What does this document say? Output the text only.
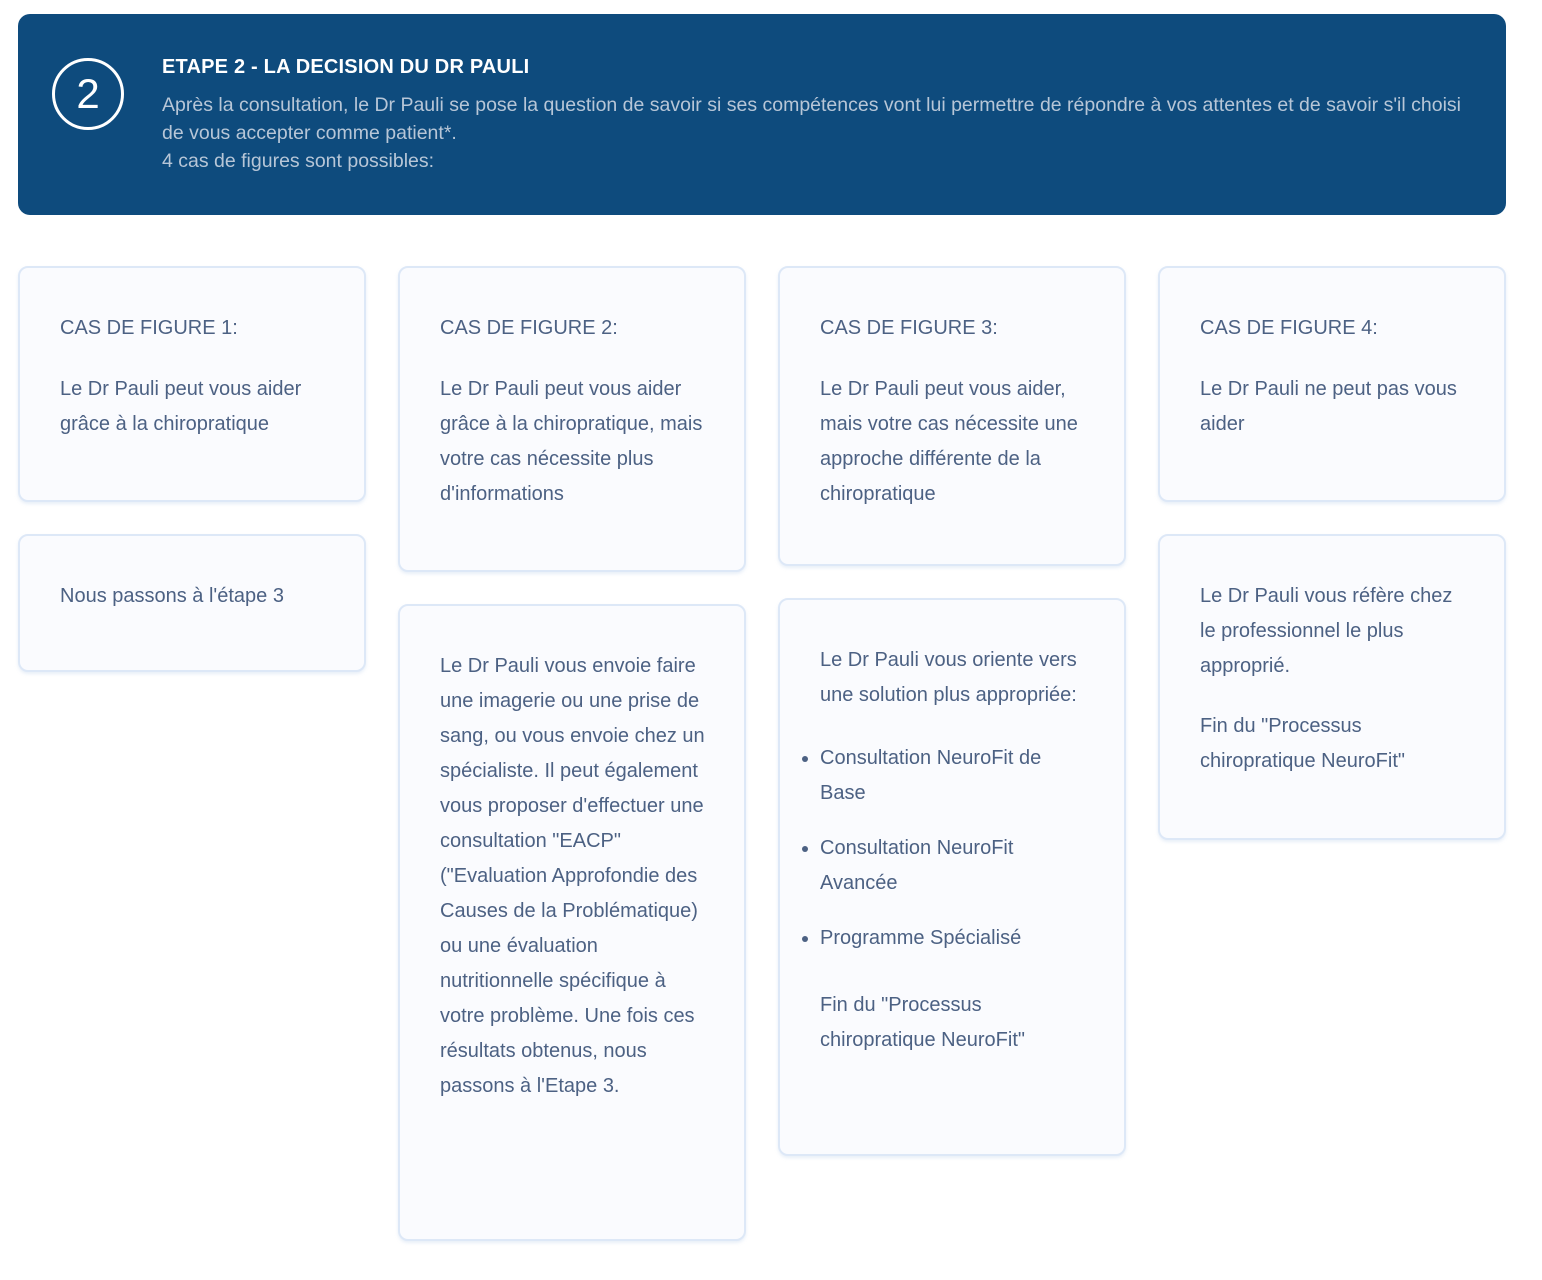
2
ETAPE 2 - LA DECISION DU DR PAULI
Après la consultation, le Dr Pauli se pose la question de savoir si ses compétences vont lui permettre de répondre à vos attentes et de savoir s'il choisi de vous accepter comme patient*.
4 cas de figures sont possibles:

CAS DE FIGURE 1:

Le Dr Pauli peut vous aider grâce à la chiropratique

Nous passons à l'étape 3

CAS DE FIGURE 2:

Le Dr Pauli peut vous aider grâce à la chiropratique, mais votre cas nécessite plus d'informations

Le Dr Pauli vous envoie faire une imagerie ou une prise de sang, ou vous envoie chez un spécialiste. Il peut également vous proposer d'effectuer une consultation "EACP" ("Evaluation Approfondie des Causes de la Problématique) ou une évaluation nutritionnelle spécifique à votre problème. Une fois ces résultats obtenus, nous passons à l'Etape 3.

CAS DE FIGURE 3:

Le Dr Pauli peut vous aider, mais votre cas nécessite une approche différente de la chiropratique

Le Dr Pauli vous oriente vers une solution plus appropriée:

• Consultation NeuroFit de Base
• Consultation NeuroFit Avancée
• Programme Spécialisé

Fin du "Processus chiropratique NeuroFit"

CAS DE FIGURE 4:

Le Dr Pauli ne peut pas vous aider

Le Dr Pauli vous réfère chez le professionnel le plus approprié.

Fin du "Processus chiropratique NeuroFit"
